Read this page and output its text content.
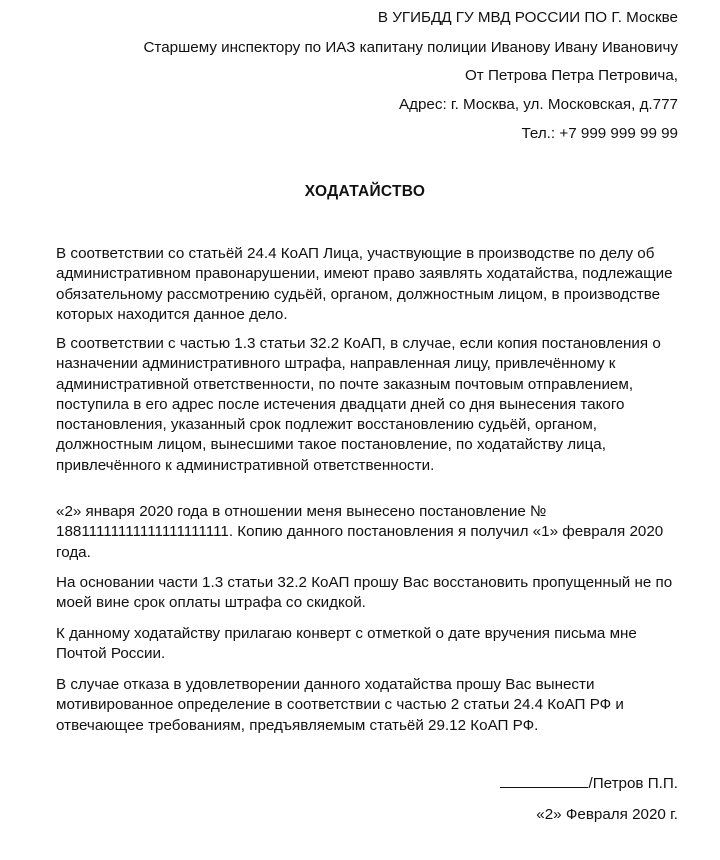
В УГИБДД ГУ МВД РОССИИ ПО Г. Москве
Старшему инспектору по ИАЗ капитану полиции Иванову Ивану Ивановичу
От Петрова Петра Петровича,
Адрес: г. Москва, ул. Московская, д.777
Тел.: +7 999 999 99 99
ХОДАТАЙСТВО

В соответствии со статьёй 24.4 КоАП Лица, участвующие в производстве по делу об административном правонарушении, имеют право заявлять ходатайства, подлежащие обязательному рассмотрению судьёй, органом, должностным лицом, в производстве которых находится данное дело.

В соответствии с частью 1.3 статьи 32.2 КоАП, в случае, если копия постановления о назначении административного штрафа, направленная лицу, привлечённому к административной ответственности, по почте заказным почтовым отправлением, поступила в его адрес после истечения двадцати дней со дня вынесения такого постановления, указанный срок подлежит восстановлению судьёй, органом, должностным лицом, вынесшими такое постановление, по ходатайству лица, привлечённого к административной ответственности.

«2» января 2020 года в отношении меня вынесено постановление № 18811111111111111111111. Копию данного постановления я получил «1» февраля 2020 года.

На основании части 1.3 статьи 32.2 КоАП прошу Вас восстановить пропущенный не по моей вине срок оплаты штрафа со скидкой.

К данному ходатайству прилагаю конверт с отметкой о дате вручения письма мне Почтой России.

В случае отказа в удовлетворении данного ходатайства прошу Вас вынести мотивированное определение в соответствии с частью 2 статьи 24.4 КоАП РФ и отвечающее требованиям, предъявляемым статьёй 29.12 КоАП РФ.

/Петров П.П.
«2» Февраля 2020 г.
